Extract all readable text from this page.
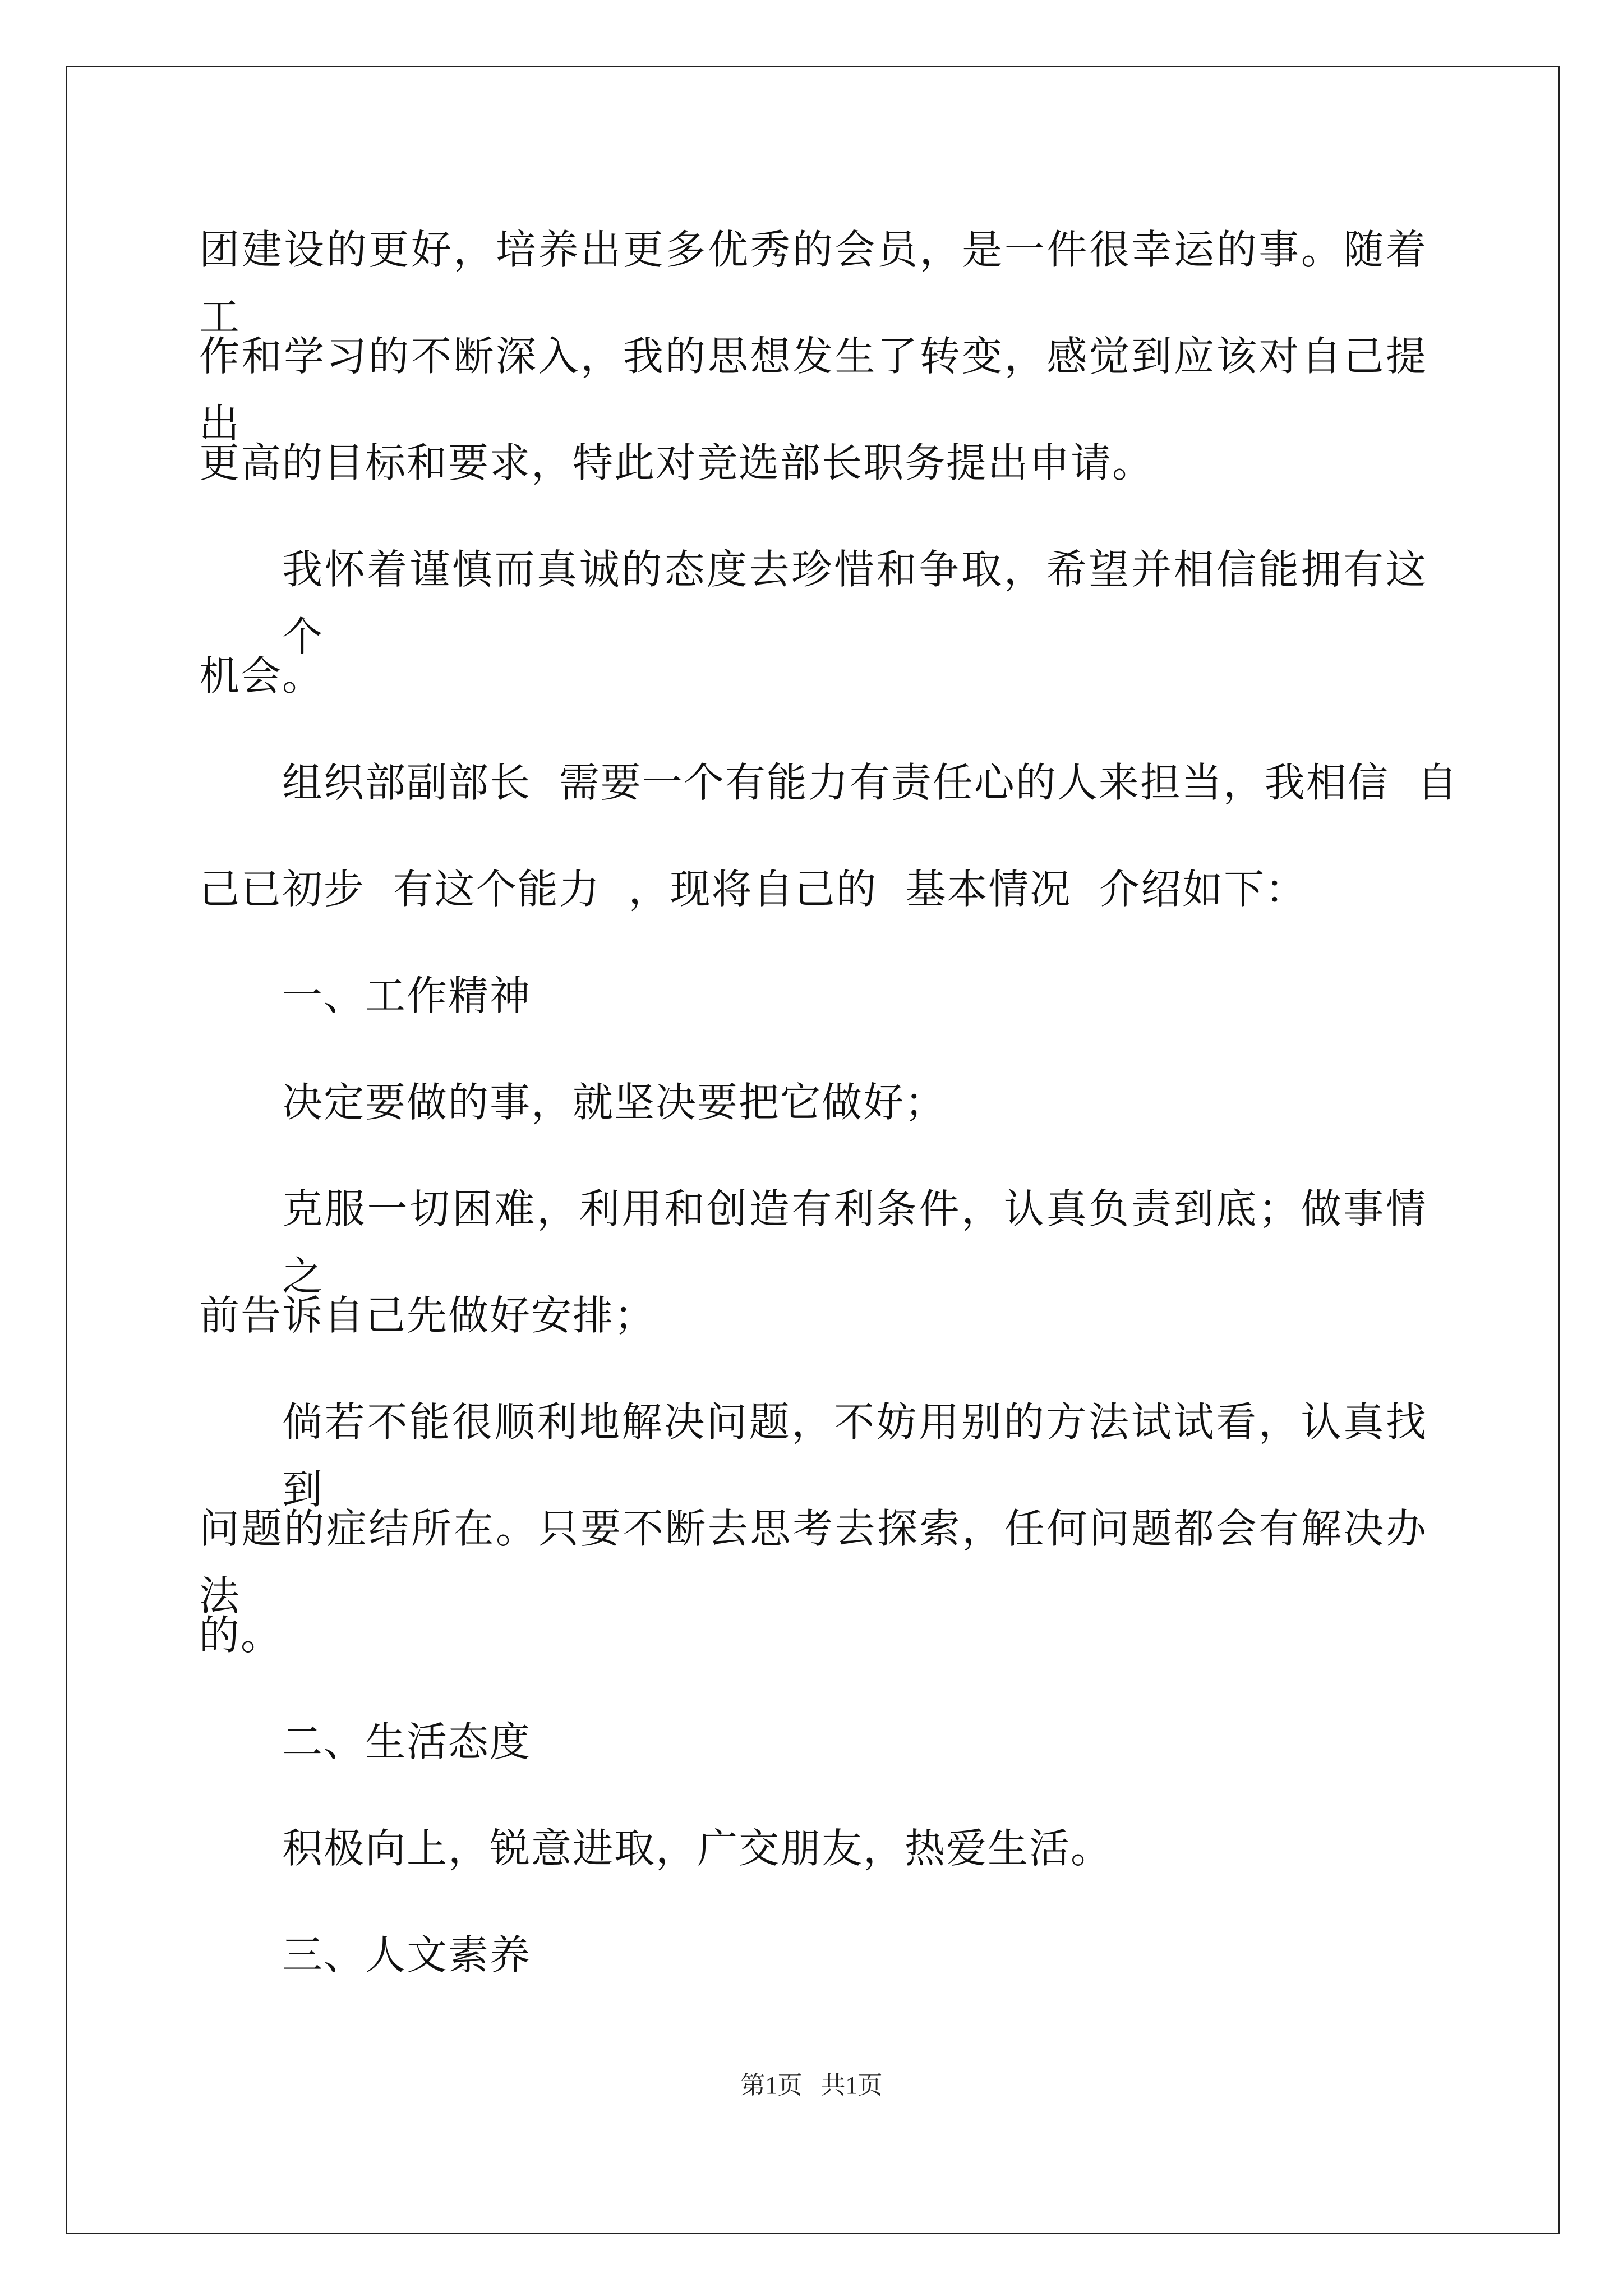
团建设的更好，培养出更多优秀的会员，是一件很幸运的事。随着工
作和学习的不断深入，我的思想发生了转变，感觉到应该对自己提出
更高的目标和要求，特此对竞选部长职务提出申请。
我怀着谨慎而真诚的态度去珍惜和争取，希望并相信能拥有这个
机会。
组织部副部长  需要一个有能力有责任心的人来担当，我相信  自
己已初步  有这个能力  ，现将自己的  基本情况  介绍如下：
一、工作精神
决定要做的事，就坚决要把它做好；
克服一切困难，利用和创造有利条件，认真负责到底；做事情之
前告诉自己先做好安排；
倘若不能很顺利地解决问题，不妨用别的方法试试看，认真找到
问题的症结所在。只要不断去思考去探索，任何问题都会有解决办法
的。
二、生活态度
积极向上，锐意进取，广交朋友，热爱生活。
三、人文素养
第1页   共1页
